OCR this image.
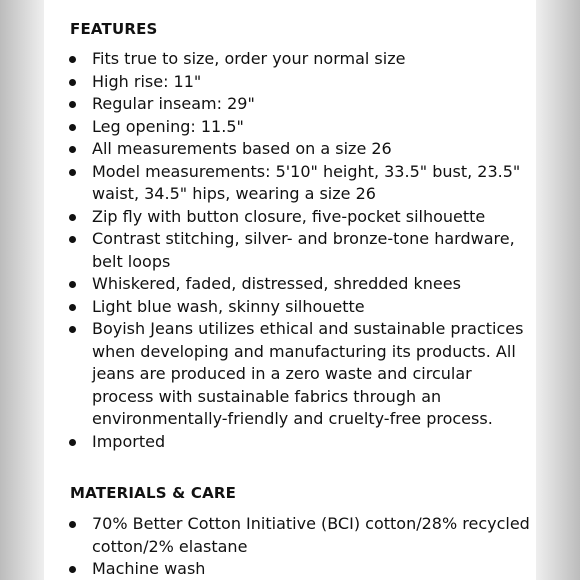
FEATURES
Fits true to size, order your normal size
High rise: 11"
Regular inseam: 29"
Leg opening: 11.5"
All measurements based on a size 26
Model measurements: 5'10" height, 33.5" bust, 23.5" waist, 34.5" hips, wearing a size 26
Zip fly with button closure, five-pocket silhouette
Contrast stitching, silver- and bronze-tone hardware, belt loops
Whiskered, faded, distressed, shredded knees
Light blue wash, skinny silhouette
Boyish Jeans utilizes ethical and sustainable practices when developing and manufacturing its products. All jeans are produced in a zero waste and circular process with sustainable fabrics through an environmentally-friendly and cruelty-free process.
Imported
MATERIALS & CARE
70% Better Cotton Initiative (BCI) cotton/28% recycled cotton/2% elastane
Machine wash
